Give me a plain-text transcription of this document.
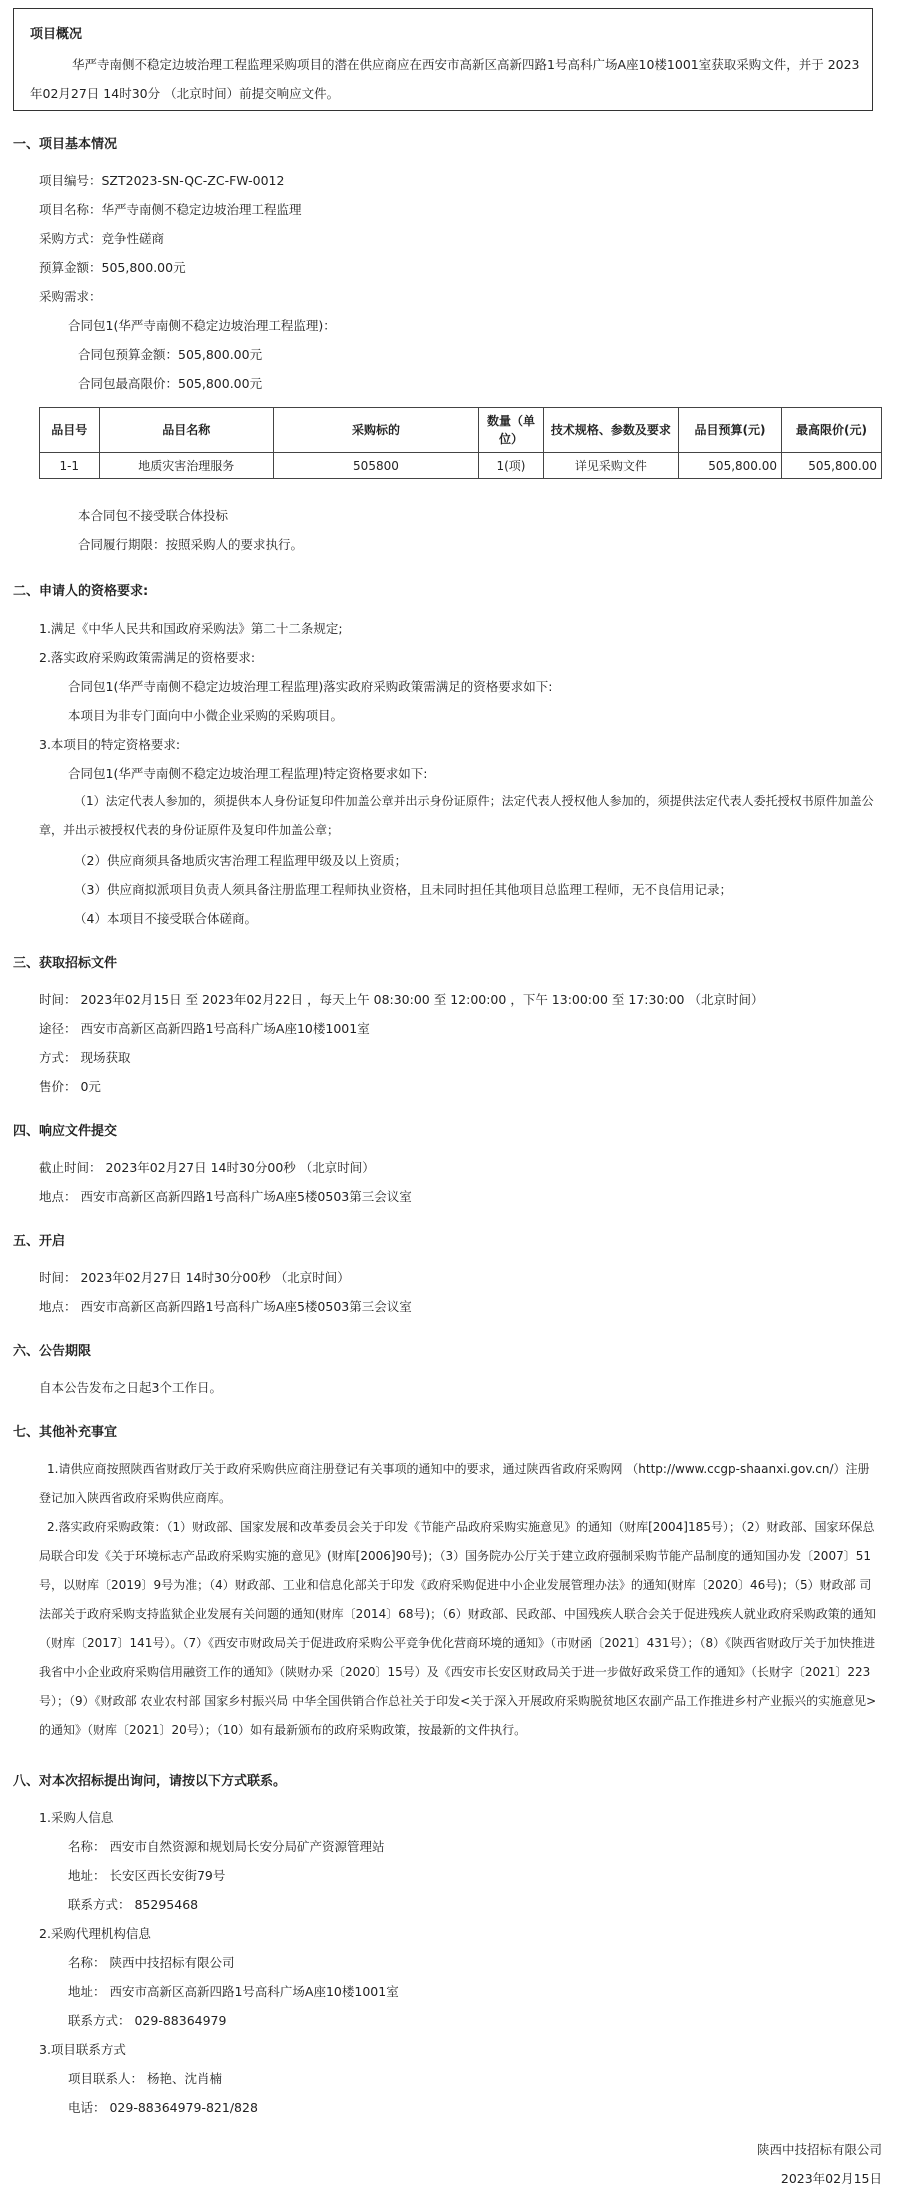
项目概况
华严寺南侧不稳定边坡治理工程监理采购项目的潜在供应商应在西安市高新区高新四路1号高科广场A座10楼1001室获取采购文件，并于 2023年02月27日 14时30分 （北京时间）前提交响应文件。
一、项目基本情况
项目编号：SZT2023-SN-QC-ZC-FW-0012
项目名称：华严寺南侧不稳定边坡治理工程监理
采购方式：竞争性磋商
预算金额：505,800.00元
采购需求：
合同包1(华严寺南侧不稳定边坡治理工程监理)：
合同包预算金额：505,800.00元
合同包最高限价：505,800.00元
品目号	品目名称	采购标的	数量（单位）	技术规格、参数及要求	品目预算(元)	最高限价(元)
1-1	地质灾害治理服务	505800	1(项)	详见采购文件	505,800.00	505,800.00
本合同包不接受联合体投标
合同履行期限：按照采购人的要求执行。
二、申请人的资格要求:
1.满足《中华人民共和国政府采购法》第二十二条规定;
2.落实政府采购政策需满足的资格要求:
合同包1(华严寺南侧不稳定边坡治理工程监理)落实政府采购政策需满足的资格要求如下:
本项目为非专门面向中小微企业采购的采购项目。
3.本项目的特定资格要求:
合同包1(华严寺南侧不稳定边坡治理工程监理)特定资格要求如下:
（1）法定代表人参加的，须提供本人身份证复印件加盖公章并出示身份证原件；法定代表人授权他人参加的，须提供法定代表人委托授权书原件加盖公章，并出示被授权代表的身份证原件及复印件加盖公章；
（2）供应商须具备地质灾害治理工程监理甲级及以上资质；
（3）供应商拟派项目负责人须具备注册监理工程师执业资格，且未同时担任其他项目总监理工程师，无不良信用记录；
（4）本项目不接受联合体磋商。
三、获取招标文件
时间： 2023年02月15日 至 2023年02月22日 ，每天上午 08:30:00 至 12:00:00 ，下午 13:00:00 至 17:30:00 （北京时间）
途径： 西安市高新区高新四路1号高科广场A座10楼1001室
方式： 现场获取
售价： 0元
四、响应文件提交
截止时间： 2023年02月27日 14时30分00秒 （北京时间）
地点： 西安市高新区高新四路1号高科广场A座5楼0503第三会议室
五、开启
时间： 2023年02月27日 14时30分00秒 （北京时间）
地点： 西安市高新区高新四路1号高科广场A座5楼0503第三会议室
六、公告期限
自本公告发布之日起3个工作日。
七、其他补充事宜
1.请供应商按照陕西省财政厅关于政府采购供应商注册登记有关事项的通知中的要求，通过陕西省政府采购网 （http://www.ccgp-shaanxi.gov.cn/）注册登记加入陕西省政府采购供应商库。
2.落实政府采购政策：（1）财政部、国家发展和改革委员会关于印发《节能产品政府采购实施意见》的通知（财库[2004]185号）；（2）财政部、国家环保总局联合印发《关于环境标志产品政府采购实施的意见》(财库[2006]90号)；（3）国务院办公厅关于建立政府强制采购节能产品制度的通知国办发〔2007〕51号，以财库〔2019〕9号为准；（4）财政部、工业和信息化部关于印发《政府采购促进中小企业发展管理办法》的通知(财库〔2020〕46号)；（5）财政部 司法部关于政府采购支持监狱企业发展有关问题的通知(财库〔2014〕68号)；（6）财政部、民政部、中国残疾人联合会关于促进残疾人就业政府采购政策的通知（财库〔2017〕141号）。（7）《西安市财政局关于促进政府采购公平竞争优化营商环境的通知》（市财函〔2021〕431号）；（8）《陕西省财政厅关于加快推进我省中小企业政府采购信用融资工作的通知》（陕财办采〔2020〕15号）及《西安市长安区财政局关于进一步做好政采贷工作的通知》（长财字〔2021〕223号）；（9）《财政部 农业农村部 国家乡村振兴局 中华全国供销合作总社关于印发<关于深入开展政府采购脱贫地区农副产品工作推进乡村产业振兴的实施意见>的通知》（财库〔2021〕20号）；（10）如有最新颁布的政府采购政策，按最新的文件执行。
八、对本次招标提出询问，请按以下方式联系。
1.采购人信息
名称： 西安市自然资源和规划局长安分局矿产资源管理站
地址： 长安区西长安街79号
联系方式： 85295468
2.采购代理机构信息
名称： 陕西中技招标有限公司
地址： 西安市高新区高新四路1号高科广场A座10楼1001室
联系方式： 029-88364979
3.项目联系方式
项目联系人： 杨艳、沈肖楠
电话： 029-88364979-821/828
陕西中技招标有限公司
2023年02月15日
